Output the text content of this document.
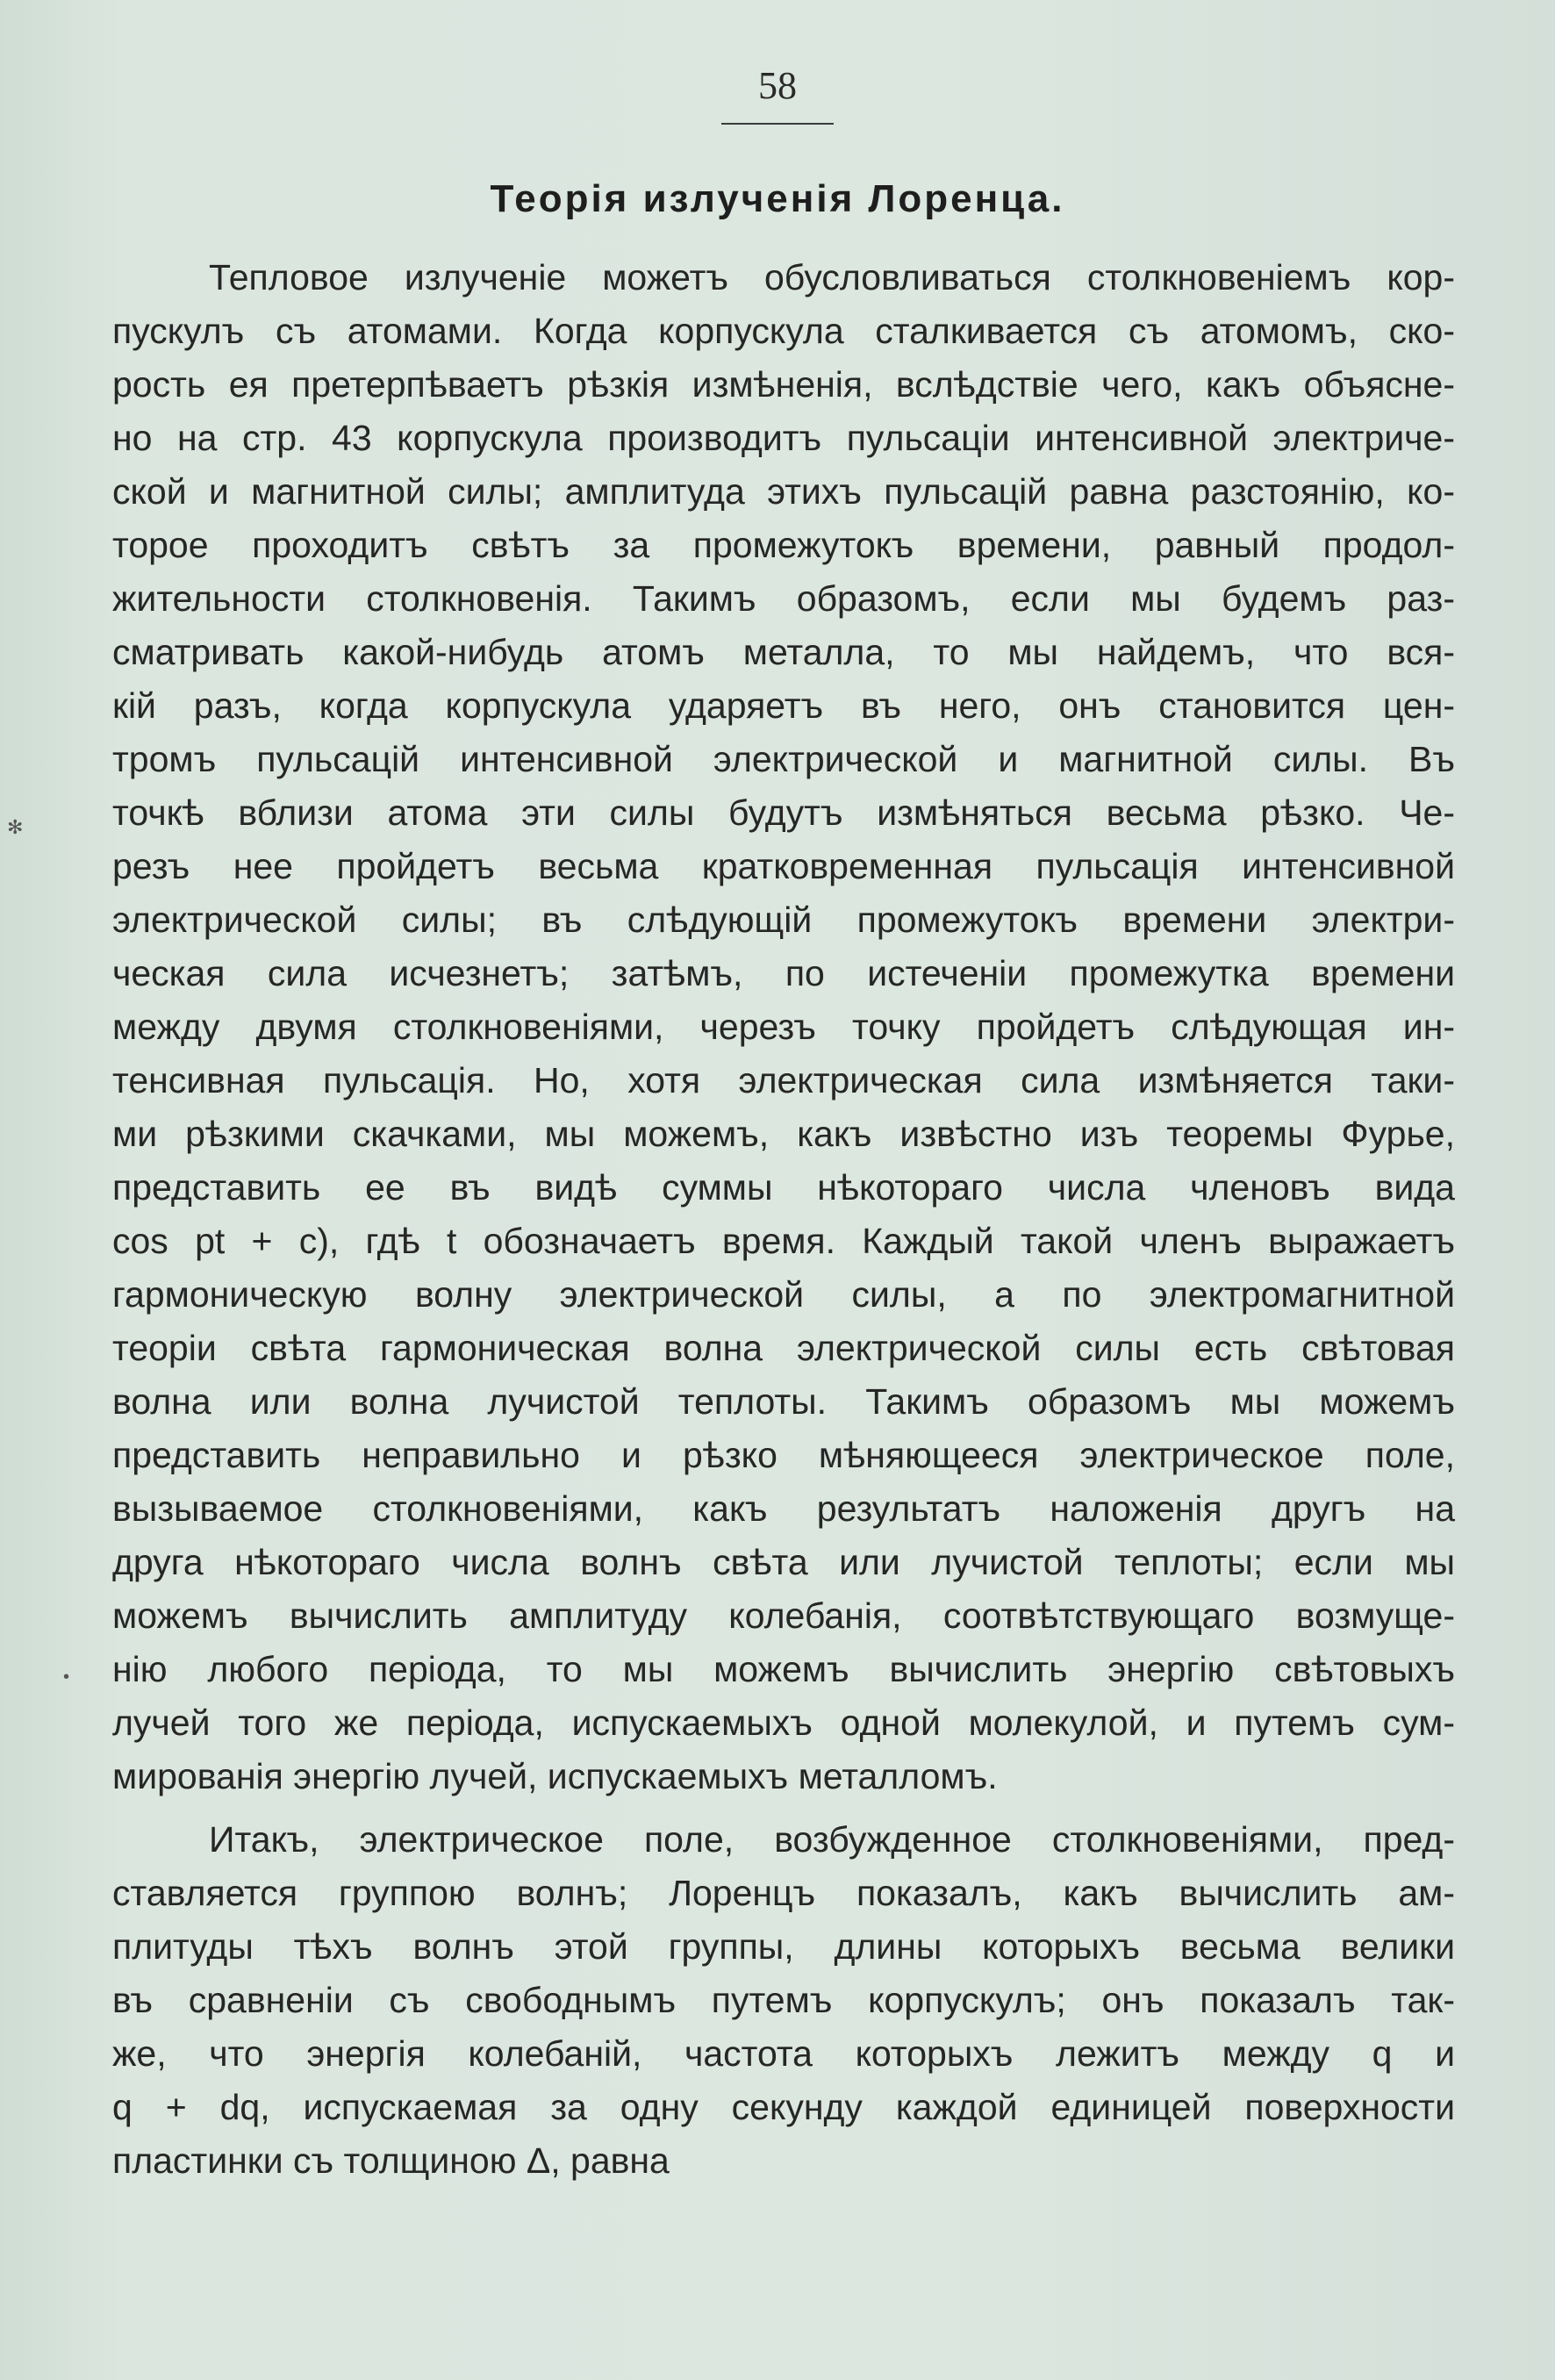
58
Теорія излученія Лоренца.
Тепловое излученіе можетъ обусловливаться столкновеніемъ кор-
пускулъ съ атомами. Когда корпускула сталкивается съ атомомъ, ско-
рость ея претерпѣваетъ рѣзкія измѣненія, вслѣдствіе чего, какъ объясне-
но на стр. 43 корпускула производитъ пульсаціи интенсивной электриче-
ской и магнитной силы; амплитуда этихъ пульсацій равна разстоянію, ко-
торое проходитъ свѣтъ за промежутокъ времени, равный продол-
жительности столкновенія. Такимъ образомъ, если мы будемъ раз-
сматривать какой-нибудь атомъ металла, то мы найдемъ, что вся-
кій разъ, когда корпускула ударяетъ въ него, онъ становится цен-
тромъ пульсацій интенсивной электрической и магнитной силы. Въ
точкѣ вблизи атома эти силы будутъ измѣняться весьма рѣзко. Че-
резъ нее пройдетъ весьма кратковременная пульсація интенсивной
электрической силы; въ слѣдующій промежутокъ времени электри-
ческая сила исчезнетъ; затѣмъ, по истеченіи промежутка времени
между двумя столкновеніями, черезъ точку пройдетъ слѣдующая ин-
тенсивная пульсація. Но, хотя электрическая сила измѣняется таки-
ми рѣзкими скачками, мы можемъ, какъ извѣстно изъ теоремы Фурье,
представить ее въ видѣ суммы нѣкотораго числа членовъ вида
cos pt + c), гдѣ t обозначаетъ время. Каждый такой членъ выражаетъ
гармоническую волну электрической силы, а по электромагнитной
теоріи свѣта гармоническая волна электрической силы есть свѣтовая
волна или волна лучистой теплоты. Такимъ образомъ мы можемъ
представить неправильно и рѣзко мѣняющееся электрическое поле,
вызываемое столкновеніями, какъ результатъ наложенія другъ на
друга нѣкотораго числа волнъ свѣта или лучистой теплоты; если мы
можемъ вычислить амплитуду колебанія, соотвѣтствующаго возмуще-
нію любого періода, то мы можемъ вычислить энергію свѣтовыхъ
лучей того же періода, испускаемыхъ одной молекулой, и путемъ сум-
мированія энергію лучей, испускаемыхъ металломъ.
Итакъ, электрическое поле, возбужденное столкновеніями, пред-
ставляется группою волнъ; Лоренцъ показалъ, какъ вычислить ам-
плитуды тѣхъ волнъ этой группы, длины которыхъ весьма велики
въ сравненіи съ свободнымъ путемъ корпускулъ; онъ показалъ так-
же, что энергія колебаній, частота которыхъ лежитъ между q и
q + dq, испускаемая за одну секунду каждой единицей поверхности
пластинки съ толщиною Δ, равна
✻
•
